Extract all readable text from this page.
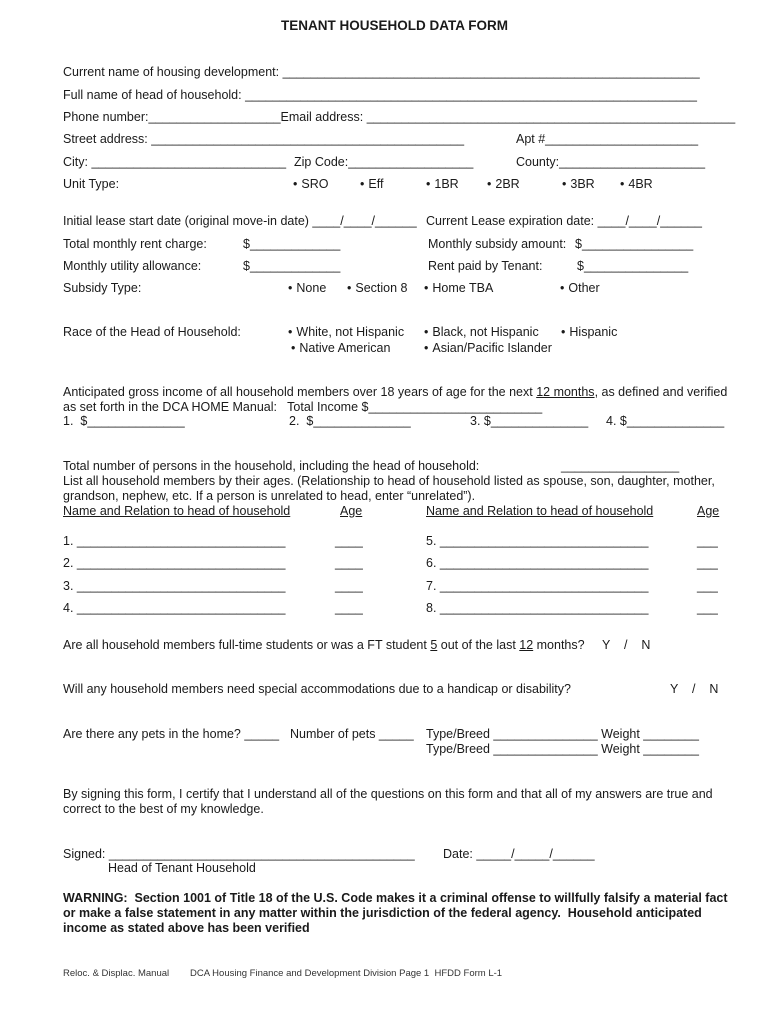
TENANT HOUSEHOLD DATA FORM
Current name of housing development: ____________________________________________________________
Full name of head of household: _________________________________________________________________
Phone number:___________________Email address: _____________________________________________________
Street address: _____________________________________________	Apt #______________________
City: ____________________________ Zip Code:__________________	County:_____________________
Unit Type:	• SRO	• Eff	• 1BR	• 2BR	• 3BR	• 4BR
Initial lease start date (original move-in date) ____/____/______ Current Lease expiration date: ____/____/______
Total monthly rent charge:	$_____________	Monthly subsidy amount: $________________
Monthly utility allowance:	$_____________	Rent paid by Tenant:	$_______________
Subsidy Type:	• None	• Section 8	• Home TBA	• Other
Race of the Head of Household:	• White, not Hispanic	• Black, not Hispanic	• Hispanic
• Native American	• Asian/Pacific Islander
Anticipated gross income of all household members over 18 years of age for the next 12 months, as defined and verified
as set forth in the DCA HOME Manual:   Total Income $_________________________
1.  $______________	2.  $______________	3. $______________ 4. $______________
Total number of persons in the household, including the head of household:	_________________
List all household members by their ages. (Relationship to head of household listed as spouse, son, daughter, mother,
grandson, nephew, etc. If a person is unrelated to head, enter “unrelated”).
Name and Relation to head of household	Age	Name and Relation to head of household	Age
1. ______________________________	____	5. ______________________________	___
2. ______________________________	____	6. ______________________________	___
3. ______________________________	____	7. ______________________________	___
4. ______________________________	____	8. ______________________________	___
Are all household members full-time students or was a FT student 5 out of the last 12 months? Y    /    N
Will any household members need special accommodations due to a handicap or disability?	Y    /    N
Are there any pets in the home? _____ Number of pets _____ Type/Breed _______________ Weight ________
Type/Breed _______________ Weight ________
By signing this form, I certify that I understand all of the questions on this form and that all of my answers are true and
correct to the best of my knowledge.
Signed: ____________________________________________ Date: _____/_____/______
Head of Tenant Household
WARNING:  Section 1001 of Title 18 of the U.S. Code makes it a criminal offense to willfully falsify a material fact
or make a false statement in any matter within the jurisdiction of the federal agency.  Household anticipated
income as stated above has been verified
Reloc. & Displac. Manual DCA Housing Finance and Development Division Page 1  HFDD Form L-1
